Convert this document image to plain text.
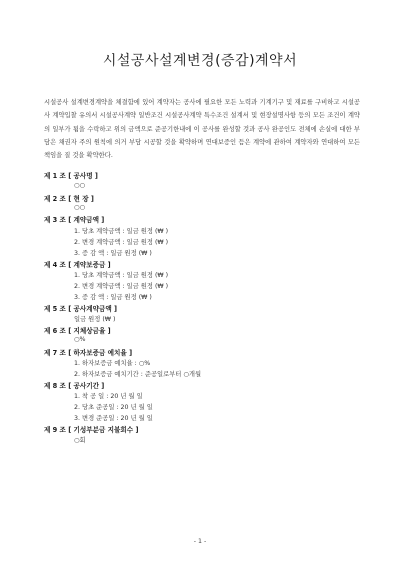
시설공사설계변경(증감)계약서
시설공사 설계변경계약을 체결함에 있어 계약자는 공사에 필요한 모든 노력과 기계기구 및 재료를 구비하고 시설공사 계약입찰 유의서 시설공사계약 일반조건 시설공사계약 특수조건 설계서 및 현장설명사항 등의 모든 조건이 계약의 일부가 됨을 수락하고 위의 금액으로 준공기한내에 이 공사를 완성할 것과 공사 완공인도 전체에 손실에 대한 부담은 채권자 주의 원칙에 의거 부담 시공할 것을 확약하며 연대보증인 듬은 계약에 관하여 계약자와 연대하여 모든 책임을 질 것을 확약한다.
제 1 조 [ 공사명 ]
○○
제 2 조 [ 현 장 ]
○○
제 3 조 [ 계약금액 ]
1. 당초 계약금액 : 일금 원정 (₩ )
2. 변경 계약금액 : 일금 원정 (₩ )
3. 증 감 액 : 일금 원정 (₩ )
제 4 조 [ 계약보증금 ]
1. 당초 계약금액 : 일금 원정 (₩ )
2. 변경 계약금액 : 일금 원정 (₩ )
3. 증 감 액 : 일금 원정 (₩ )
제 5 조 [ 공사계약금액 ]
일금 원정 (₩ )
제 6 조 [ 지체상금율 ]
○%
제 7 조 [ 하자보증금 예치율 ]
1. 하자보증금 예치율 : ○%
2. 하자보증금 예치기간 : 준공일로부터 ○개월
제 8 조 [ 공사기간 ]
1. 착 공 일 : 20 년 월 일
2. 당초 준공일 : 20 년 월 일
3. 변경 준공일 : 20 년 월 일
제 9 조 [ 기성부분금 지불회수 ]
○회
- 1 -
